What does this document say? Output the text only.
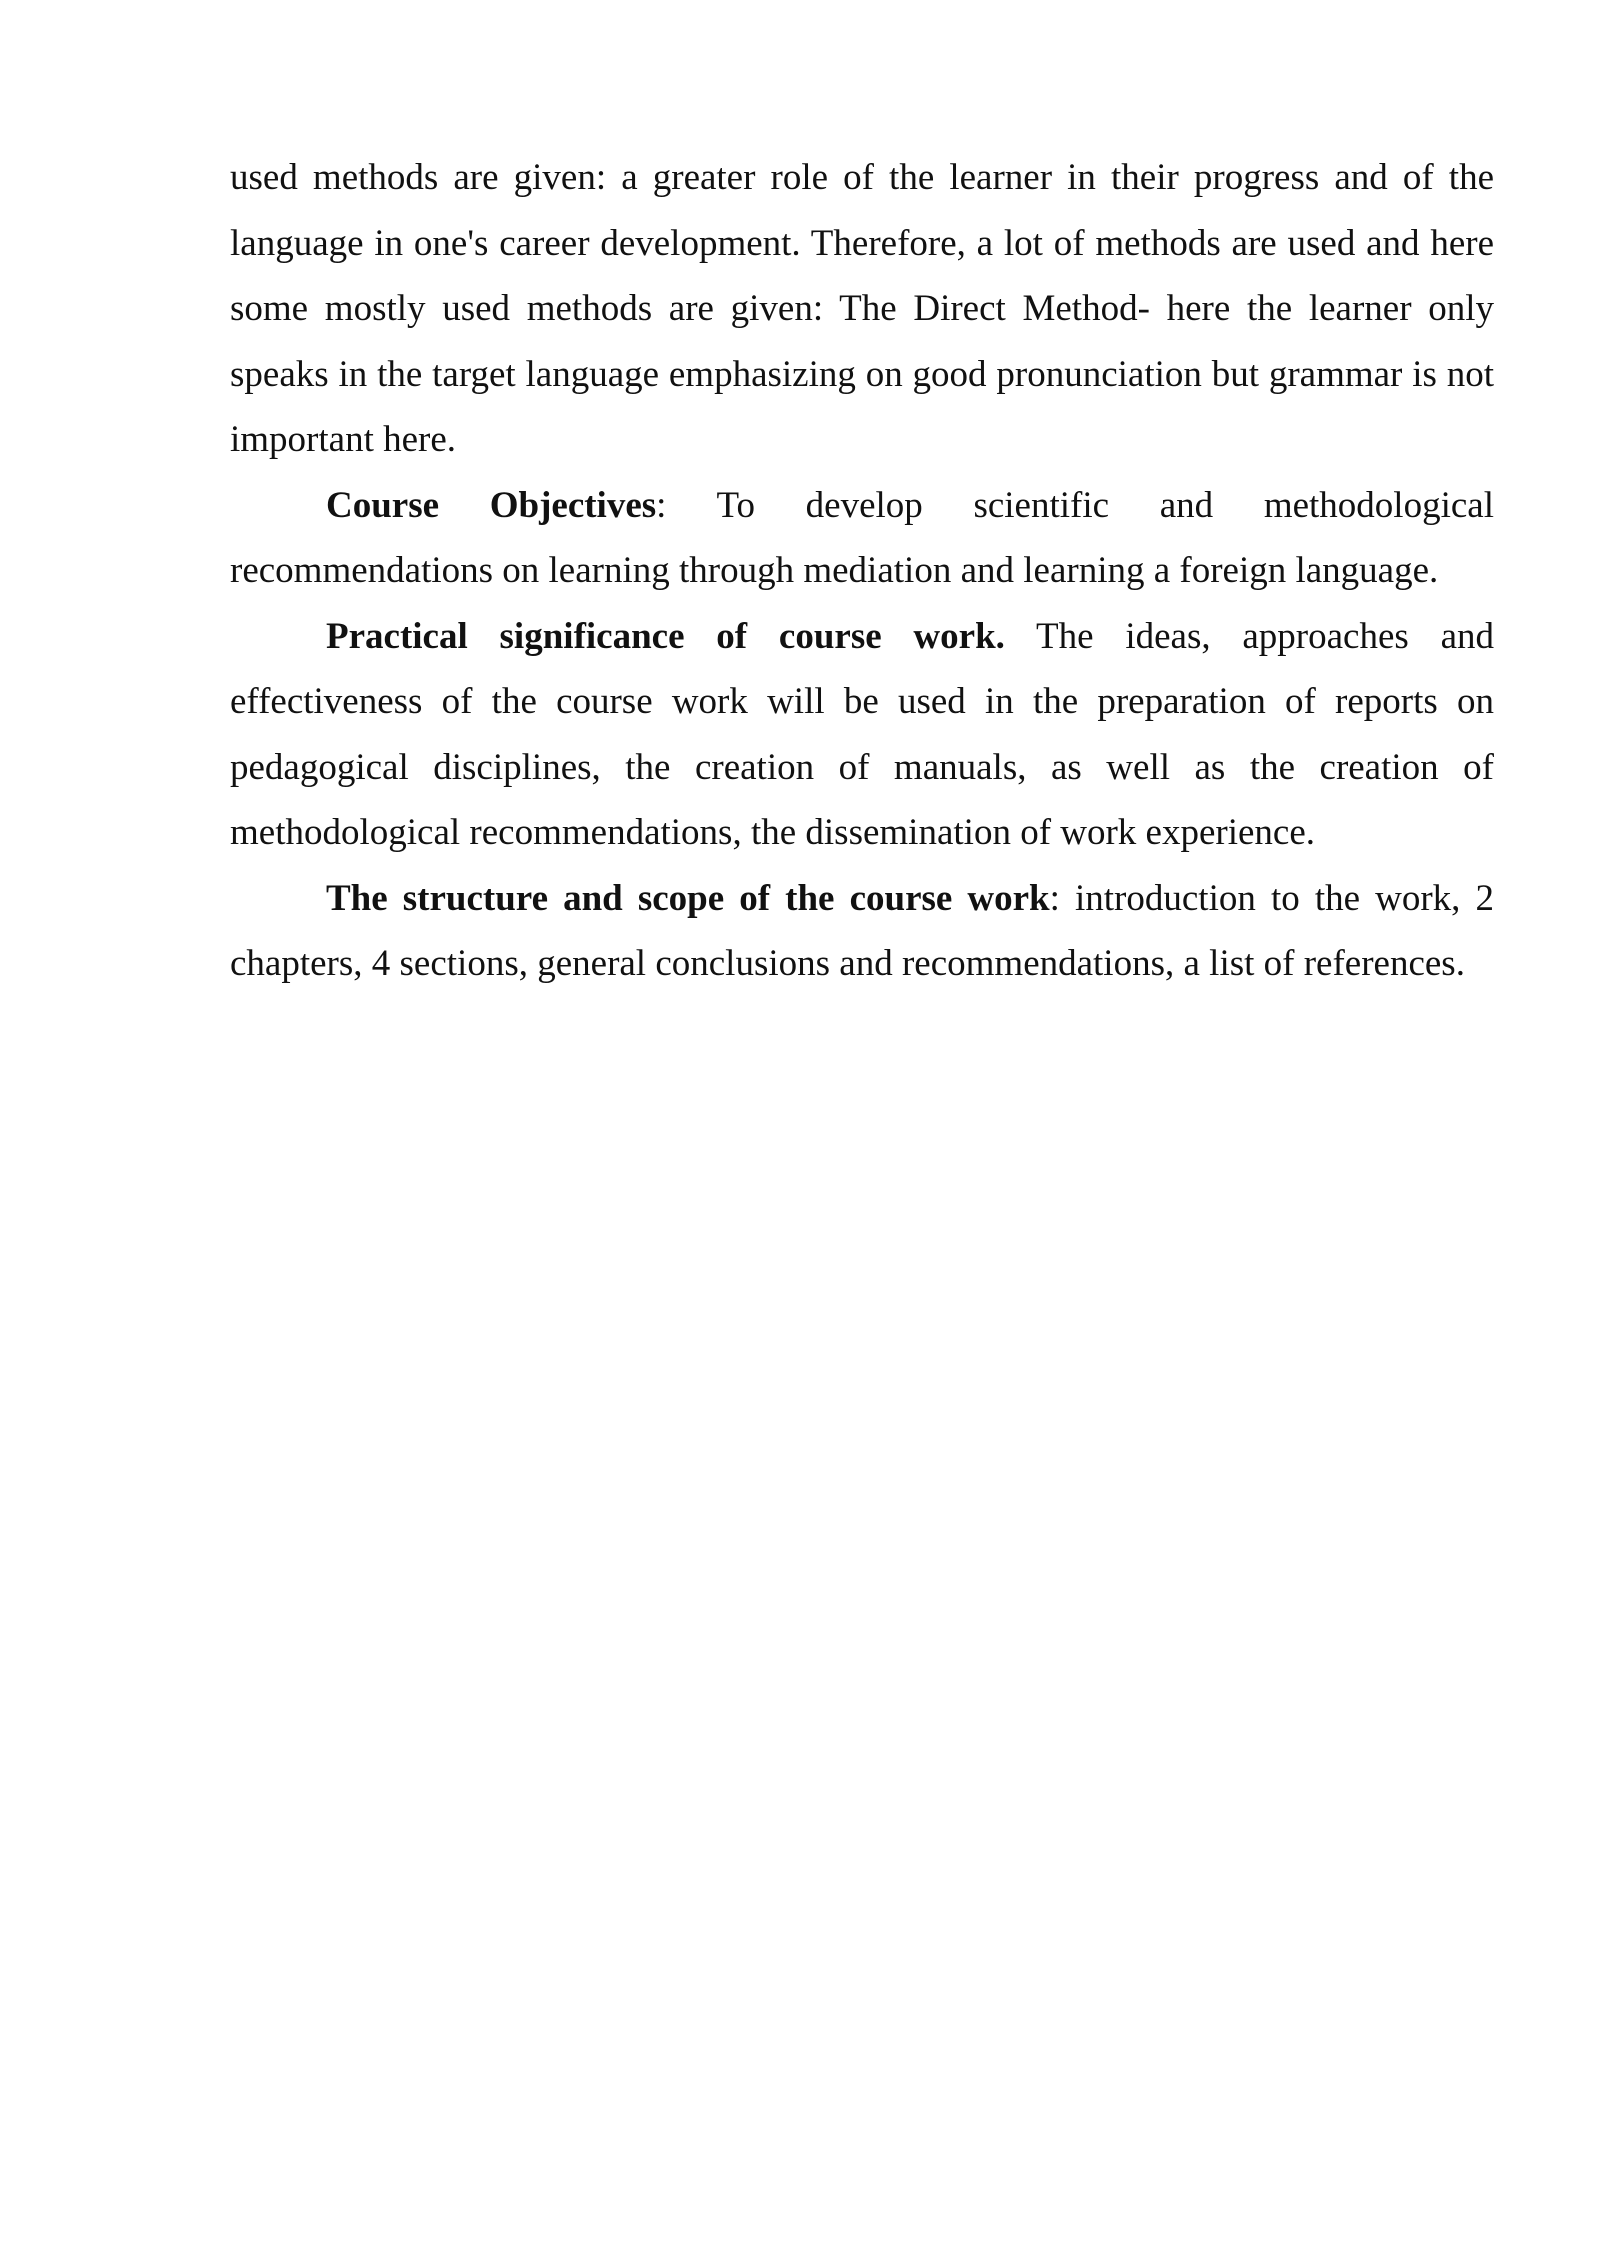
used methods are given: a greater role of the learner in their progress and of the language in one's career development. Therefore, a lot of methods are used and here some mostly used methods are given: The Direct Method- here the learner only speaks in the target language emphasizing on good pronunciation but grammar is not important here.

Course Objectives: To develop scientific and methodological recommendations on learning through mediation and learning a foreign language.

Practical significance of course work. The ideas, approaches and effectiveness of the course work will be used in the preparation of reports on pedagogical disciplines, the creation of manuals, as well as the creation of methodological recommendations, the dissemination of work experience.

The structure and scope of the course work: introduction to the work, 2 chapters, 4 sections, general conclusions and recommendations, a list of references.
